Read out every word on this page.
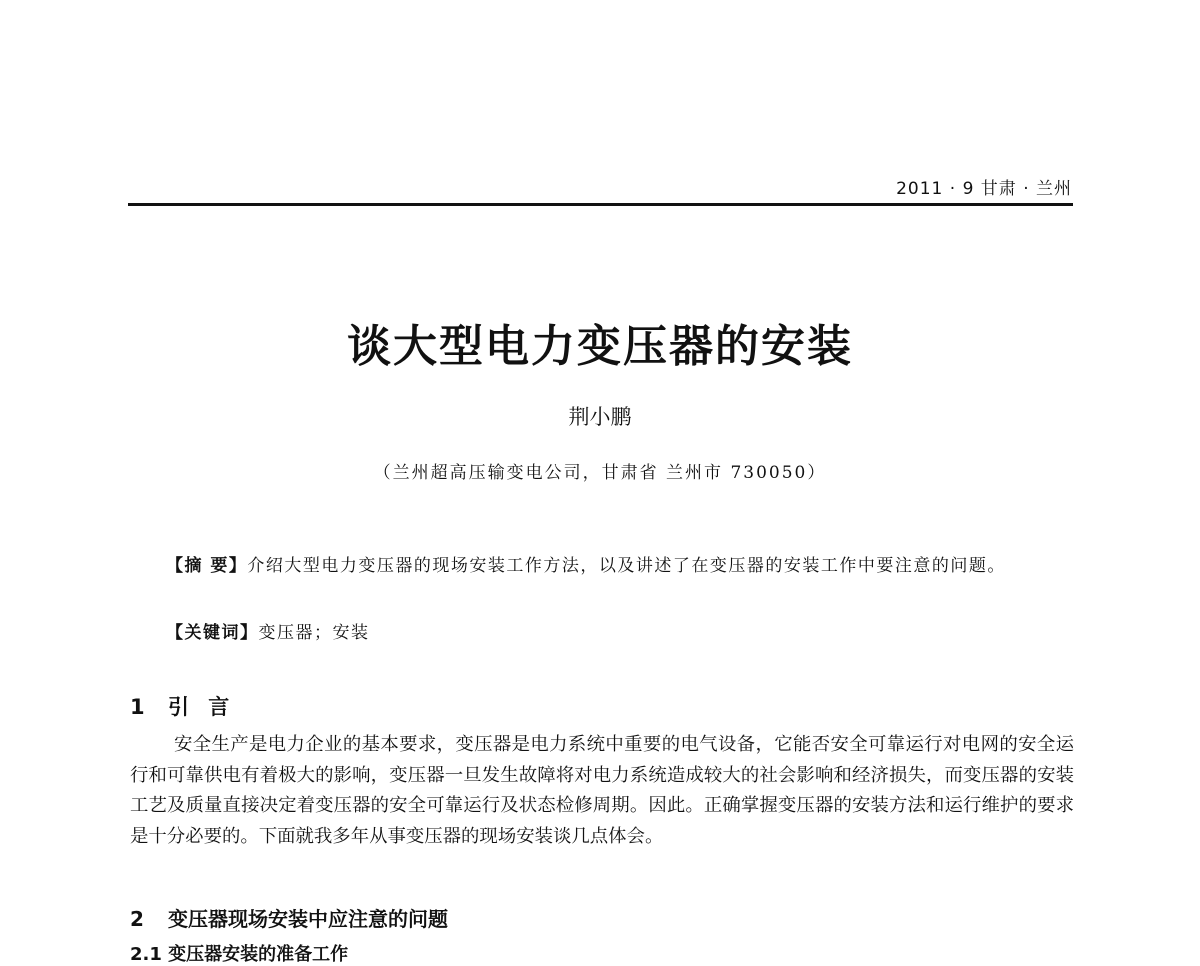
2011 · 9 甘肃 · 兰州
谈大型电力变压器的安装
荆小鹏
（兰州超高压输变电公司，甘肃省 兰州市 730050）

【摘 要】介绍大型电力变压器的现场安装工作方法，以及讲述了在变压器的安装工作中要注意的问题。

【关键词】变压器；安装

1 引 言

安全生产是电力企业的基本要求，变压器是电力系统中重要的电气设备，它能否安全可靠运行对电网的安全运行和可靠供电有着极大的影响，变压器一旦发生故障将对电力系统造成较大的社会影响和经济损失，而变压器的安装工艺及质量直接决定着变压器的安全可靠运行及状态检修周期。因此。正确掌握变压器的安装方法和运行维护的要求是十分必要的。下面就我多年从事变压器的现场安装谈几点体会。

2 变压器现场安装中应注意的问题
2.1 变压器安装的准备工作
